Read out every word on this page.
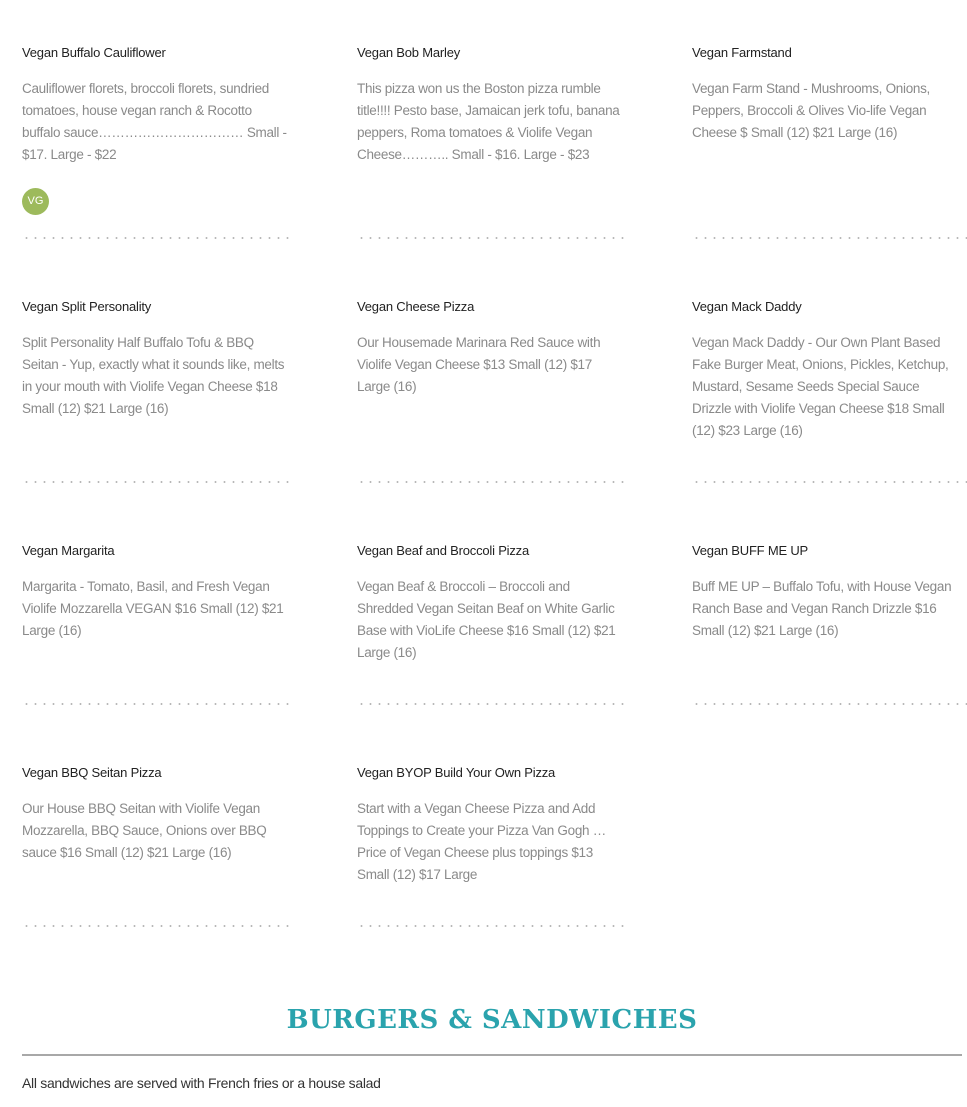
Vegan Buffalo Cauliflower
Cauliflower florets, broccoli florets, sundried tomatoes, house vegan ranch & Rocotto buffalo sauce…………………………… Small - $17. Large - $22
VG
Vegan Bob Marley
This pizza won us the Boston pizza rumble title!!!! Pesto base, Jamaican jerk tofu, banana peppers, Roma tomatoes & Violife Vegan Cheese……….. Small - $16. Large - $23
Vegan Farmstand
Vegan Farm Stand - Mushrooms, Onions, Peppers, Broccoli & Olives Vio-life Vegan Cheese $ Small (12) $21 Large (16)
Vegan Split Personality
Split Personality Half Buffalo Tofu & BBQ Seitan - Yup, exactly what it sounds like, melts in your mouth with Violife Vegan Cheese $18 Small (12) $21 Large (16)
Vegan Cheese Pizza
Our Housemade Marinara Red Sauce with Violife Vegan Cheese $13 Small (12) $17 Large (16)
Vegan Mack Daddy
Vegan Mack Daddy - Our Own Plant Based Fake Burger Meat, Onions, Pickles, Ketchup, Mustard, Sesame Seeds Special Sauce Drizzle with Violife Vegan Cheese $18 Small (12) $23 Large (16)
Vegan Margarita
Margarita - Tomato, Basil, and Fresh Vegan Violife Mozzarella VEGAN $16 Small (12) $21 Large (16)
Vegan Beaf and Broccoli Pizza
Vegan Beaf & Broccoli – Broccoli and Shredded Vegan Seitan Beaf on White Garlic Base with VioLife Cheese $16 Small (12) $21 Large (16)
Vegan BUFF ME UP
Buff ME UP – Buffalo Tofu, with House Vegan Ranch Base and Vegan Ranch Drizzle $16 Small (12) $21 Large (16)
Vegan BBQ Seitan Pizza
Our House BBQ Seitan with Violife Vegan Mozzarella, BBQ Sauce, Onions over BBQ sauce $16 Small (12) $21 Large (16)
Vegan BYOP Build Your Own Pizza
Start with a Vegan Cheese Pizza and Add Toppings to Create your Pizza Van Gogh … Price of Vegan Cheese plus toppings $13 Small (12) $17 Large
BURGERS & SANDWICHES
All sandwiches are served with French fries or a house salad
